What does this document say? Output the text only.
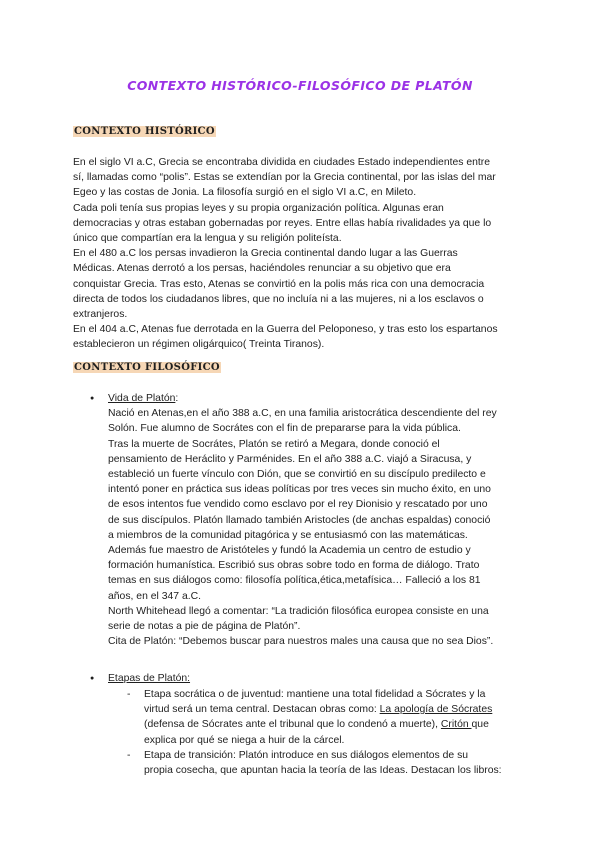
CONTEXTO HISTÓRICO-FILOSÓFICO DE PLATÓN
CONTEXTO HISTÓRICO

En el siglo VI a.C, Grecia se encontraba dividida en ciudades Estado independientes entre
sí, llamadas como “polis”. Estas se extendían por la Grecia continental, por las islas del mar
Egeo y las costas de Jonia. La filosofía surgió en el siglo VI a.C, en Mileto.
Cada poli tenía sus propias leyes y su propia organización política. Algunas eran
democracias y otras estaban gobernadas por reyes. Entre ellas había rivalidades ya que lo
único que compartían era la lengua y su religión politeísta.
En el 480 a.C los persas invadieron la Grecia continental dando lugar a las Guerras
Médicas. Atenas derrotó a los persas, haciéndoles renunciar a su objetivo que era
conquistar Grecia. Tras esto, Atenas se convirtió en la polis más rica con una democracia
directa de todos los ciudadanos libres, que no incluía ni a las mujeres, ni a los esclavos o
extranjeros.
En el 404 a.C, Atenas fue derrotada en la Guerra del Peloponeso, y tras esto los espartanos
establecieron un régimen oligárquico( Treinta Tiranos).

CONTEXTO FILOSÓFICO
● Vida de Platón:
Nació en Atenas,en el año 388 a.C, en una familia aristocrática descendiente del rey
Solón. Fue alumno de Socrátes con el fin de prepararse para la vida pública.
Tras la muerte de Socrátes, Platón se retiró a Megara, donde conoció el
pensamiento de Heráclito y Parménides. En el año 388 a.C. viajó a Siracusa, y
estableció un fuerte vínculo con Dión, que se convirtió en su discípulo predilecto e
intentó poner en práctica sus ideas políticas por tres veces sin mucho éxito, en uno
de esos intentos fue vendido como esclavo por el rey Dionisio y rescatado por uno
de sus discípulos. Platón llamado también Aristocles (de anchas espaldas) conoció
a miembros de la comunidad pitagórica y se entusiasmó con las matemáticas.
Además fue maestro de Aristóteles y fundó la Academia un centro de estudio y
formación humanística. Escribió sus obras sobre todo en forma de diálogo. Trato
temas en sus diálogos como: filosofía política,ética,metafísica… Falleció a los 81
años, en el 347 a.C.
North Whitehead llegó a comentar: “La tradición filosófica europea consiste en una
serie de notas a pie de página de Platón”.
Cita de Platón: “Debemos buscar para nuestros males una causa que no sea Dios”.

● Etapas de Platón:

- Etapa socrática o de juventud: mantiene una total fidelidad a Sócrates y la
virtud será un tema central. Destacan obras como: La apología de Sócrates
(defensa de Sócrates ante el tribunal que lo condenó a muerte), Critón que
explica por qué se niega a huir de la cárcel.

- Etapa de transición: Platón introduce en sus diálogos elementos de su
propia cosecha, que apuntan hacia la teoría de las Ideas. Destacan los libros:
